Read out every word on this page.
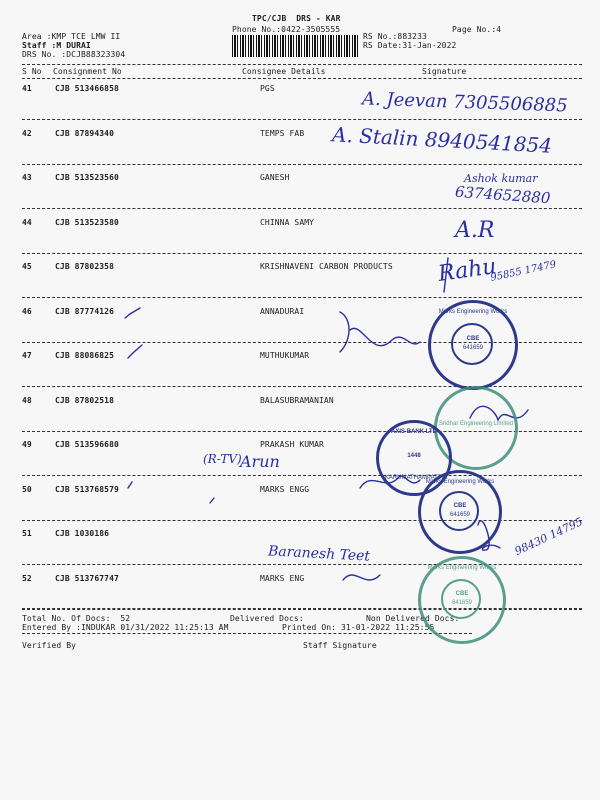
TPC/CJB  DRS - KAR
Phone No.:0422-3505555	Page No.:4
Area :KMP TCE LMW II
Staff :M DURAI
DRS No. :DCJB88323304
RS No.:883233
RS Date:31-Jan-2022
S No Consignment No	Consignee Details	Signature
41	CJB 513466858	PGS
42	CJB 87894340	TEMPS FAB
43	CJB 513523560	GANESH
44	CJB 513523580	CHINNA SAMY
45	CJB 87802358	KRISHNAVENI CARBON PRODUCTS
46	CJB 87774126	ANNADURAI
47	CJB 88086825	MUTHUKUMAR
48	CJB 87802518	BALASUBRAMANIAN
49	CJB 513596680	PRAKASH KUMAR
50	CJB 513768579	MARKS ENGG
51	CJB 1030186
52	CJB 513767747	MARKS ENG
Total No. Of Docs:  52	Delivered Docs:	Non Delivered Docs:
Entered By :INDUKAR 01/31/2022 11:25:13 AM	Printed On: 31-01-2022 11:25:55
Verified By	Staff Signature
A. Jeevan 7305506885
A. Stalin 8940541854
Ashok kumar
6374652880
A.R
Rahu
95855 17479
(R-TV)
Arun
Baranesh Teet	98430 14795
Marks Engineering Works
CBE
641659
Sridhar Engineering Limited
AXIS BANK LTD
1448
KARUMATHAMPATTI
Marks Engineering Works
CBE
641659
Marks Engineering Works
CBE
641659
